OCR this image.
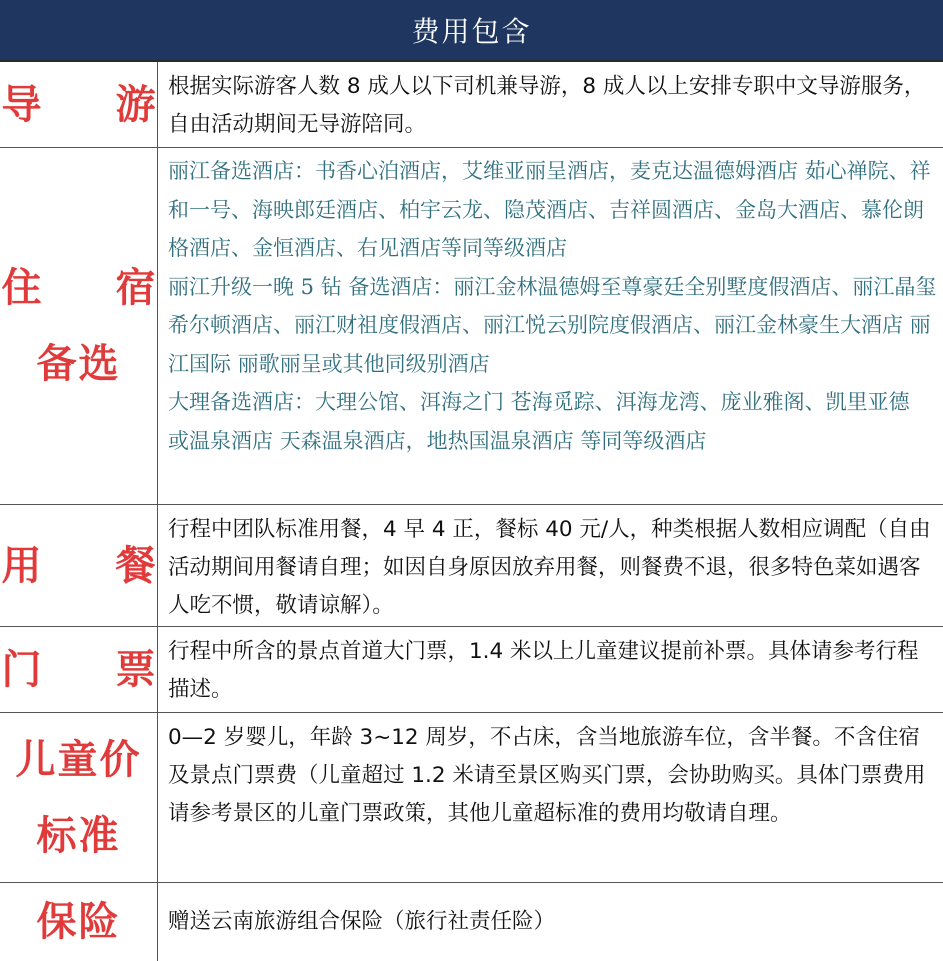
费用包含
导 游

根据实际游客人数 8 成人以下司机兼导游，8 成人以上安排专职中文导游服务，自由活动期间无导游陪同。

住 宿
备选

丽江备选酒店：书香心泊酒店，艾维亚丽呈酒店，麦克达温德姆酒店 茹心禅院、祥和一号、海映郎廷酒店、柏宇云龙、隐茂酒店、吉祥圆酒店、金岛大酒店、慕伦朗格酒店、金恒酒店、右见酒店等同等级酒店

丽江升级一晚 5 钻 备选酒店：丽江金林温德姆至尊豪廷全别墅度假酒店、丽江晶玺希尔顿酒店、丽江财祖度假酒店、丽江悦云别院度假酒店、丽江金林豪生大酒店 丽江国际 丽歌丽呈或其他同级别酒店

大理备选酒店：大理公馆、洱海之门 苍海觅踪、洱海龙湾、庞业雅阁、凯里亚德 或温泉酒店 天森温泉酒店，地热国温泉酒店 等同等级酒店

用 餐

行程中团队标准用餐，4 早 4 正，餐标 40 元/人，种类根据人数相应调配（自由活动期间用餐请自理；如因自身原因放弃用餐，则餐费不退，很多特色菜如遇客人吃不惯，敬请谅解）。

门 票

行程中所含的景点首道大门票，1.4 米以上儿童建议提前补票。具体请参考行程描述。

儿童价
标准

0—2 岁婴儿，年龄 3~12 周岁，不占床，含当地旅游车位，含半餐。不含住宿及景点门票费（儿童超过 1.2 米请至景区购买门票，会协助购买。具体门票费用请参考景区的儿童门票政策，其他儿童超标准的费用均敬请自理。

保险 赠送云南旅游组合保险（旅行社责任险）
